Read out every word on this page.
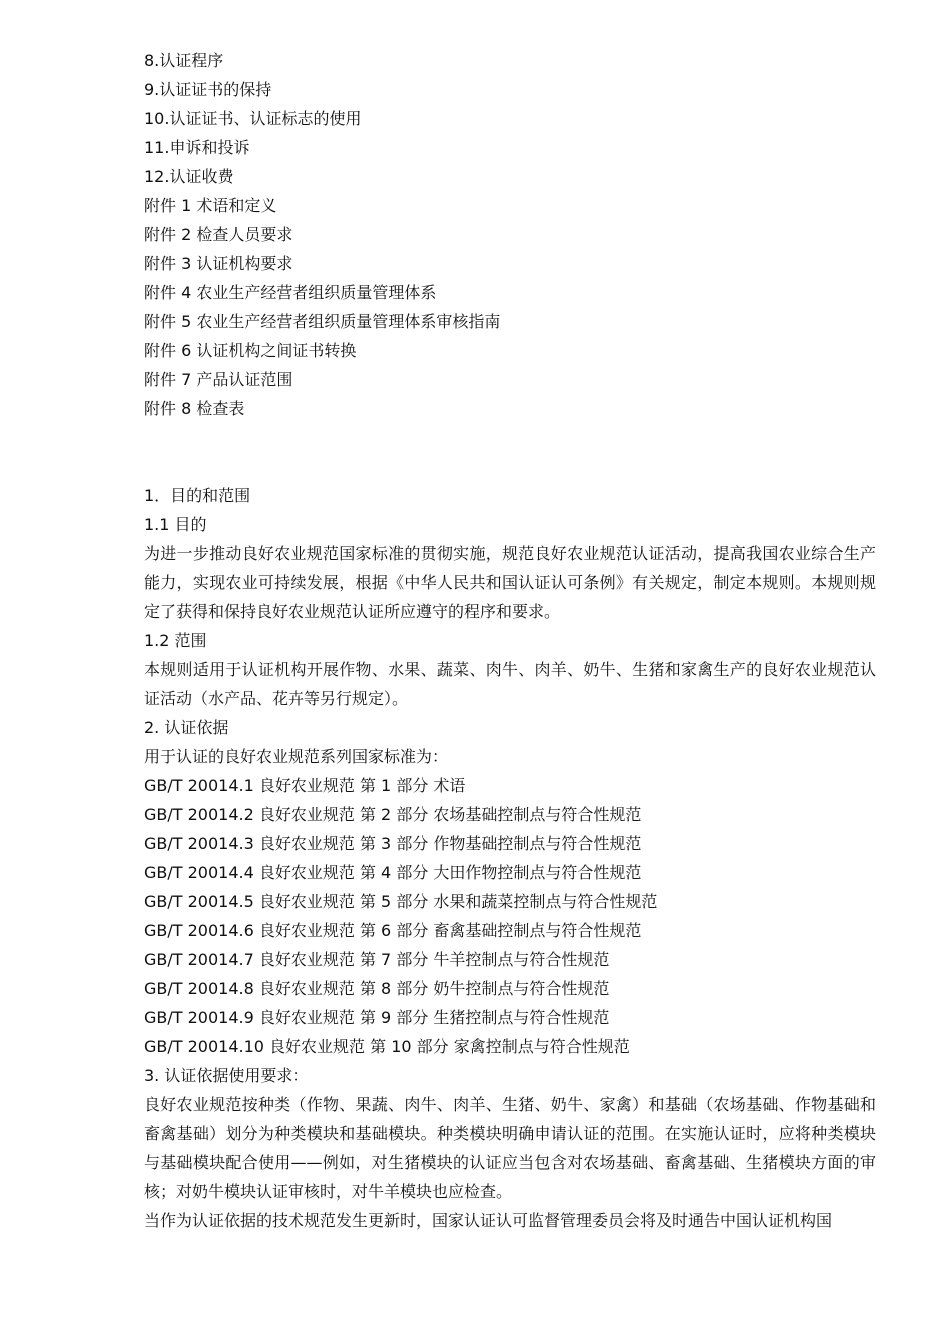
8.认证程序
9.认证证书的保持
10.认证证书、认证标志的使用
11.申诉和投诉
12.认证收费
附件 1 术语和定义
附件 2 检查人员要求
附件 3 认证机构要求
附件 4 农业生产经营者组织质量管理体系
附件 5 农业生产经营者组织质量管理体系审核指南
附件 6 认证机构之间证书转换
附件 7 产品认证范围
附件 8 检查表
1．目的和范围
1.1 目的

为进一步推动良好农业规范国家标准的贯彻实施，规范良好农业规范认证活动，提高我国农业综合生产能力，实现农业可持续发展，根据《中华人民共和国认证认可条例》有关规定，制定本规则。本规则规定了获得和保持良好农业规范认证所应遵守的程序和要求。

1.2 范围

本规则适用于认证机构开展作物、水果、蔬菜、肉牛、肉羊、奶牛、生猪和家禽生产的良好农业规范认证活动（水产品、花卉等另行规定）。

2. 认证依据
用于认证的良好农业规范系列国家标准为：
GB/T 20014.1 良好农业规范 第 1 部分 术语
GB/T 20014.2 良好农业规范 第 2 部分 农场基础控制点与符合性规范
GB/T 20014.3 良好农业规范 第 3 部分 作物基础控制点与符合性规范
GB/T 20014.4 良好农业规范 第 4 部分 大田作物控制点与符合性规范
GB/T 20014.5 良好农业规范 第 5 部分 水果和蔬菜控制点与符合性规范
GB/T 20014.6 良好农业规范 第 6 部分 畜禽基础控制点与符合性规范
GB/T 20014.7 良好农业规范 第 7 部分 牛羊控制点与符合性规范
GB/T 20014.8 良好农业规范 第 8 部分 奶牛控制点与符合性规范
GB/T 20014.9 良好农业规范 第 9 部分 生猪控制点与符合性规范
GB/T 20014.10 良好农业规范 第 10 部分 家禽控制点与符合性规范
3. 认证依据使用要求：

良好农业规范按种类（作物、果蔬、肉牛、肉羊、生猪、奶牛、家禽）和基础（农场基础、作物基础和畜禽基础）划分为种类模块和基础模块。种类模块明确申请认证的范围。在实施认证时，应将种类模块与基础模块配合使用——例如，对生猪模块的认证应当包含对农场基础、畜禽基础、生猪模块方面的审核；对奶牛模块认证审核时，对牛羊模块也应检查。

当作为认证依据的技术规范发生更新时，国家认证认可监督管理委员会将及时通告中国认证机构国
